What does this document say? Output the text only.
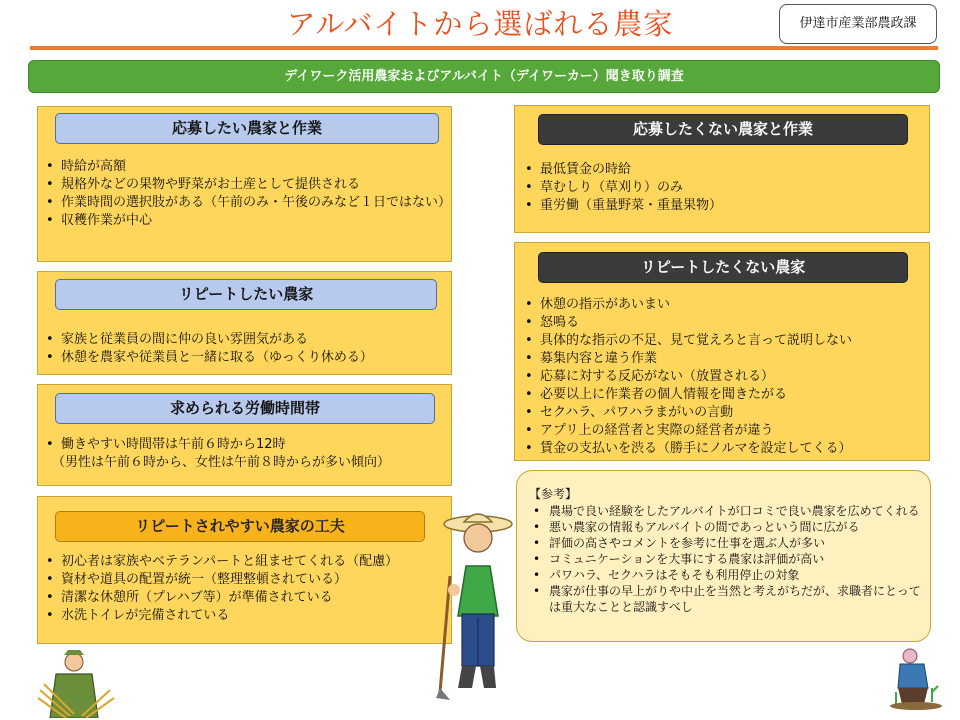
アルバイトから選ばれる農家	伊達市産業部農政課
デイワーク活用農家およびアルバイト（デイワーカー）聞き取り調査
応募したい農家と作業
• 時給が高額
• 規格外などの果物や野菜がお土産として提供される
• 作業時間の選択肢がある（午前のみ・午後のみなど１日ではない）
• 収穫作業が中心
リピートしたい農家
• 家族と従業員の間に仲の良い雰囲気がある
• 休憩を農家や従業員と一緒に取る（ゆっくり休める）
求められる労働時間帯
• 働きやすい時間帯は午前６時から12時
（男性は午前６時から、女性は午前８時からが多い傾向）
リピートされやすい農家の工夫
• 初心者は家族やベテランパートと組ませてくれる（配慮）
• 資材や道具の配置が統一（整理整頓されている）
• 清潔な休憩所（プレハブ等）が準備されている
• 水洗トイレが完備されている
応募したくない農家と作業
• 最低賃金の時給
• 草むしり（草刈り）のみ
• 重労働（重量野菜・重量果物）
リピートしたくない農家
• 休憩の指示があいまい
• 怒鳴る
• 具体的な指示の不足、見て覚えろと言って説明しない
• 募集内容と違う作業
• 応募に対する反応がない（放置される）
• 必要以上に作業者の個人情報を聞きたがる
• セクハラ、パワハラまがいの言動
• アプリ上の経営者と実際の経営者が違う
• 賃金の支払いを渋る（勝手にノルマを設定してくる）
【参考】
• 農場で良い経験をしたアルバイトが口コミで良い農家を広めてくれる
• 悪い農家の情報もアルバイトの間であっという間に広がる
• 評価の高さやコメントを参考に仕事を選ぶ人が多い
• コミュニケーションを大事にする農家は評価が高い
• パワハラ、セクハラはそもそも利用停止の対象
• 農家が仕事の早上がりや中止を当然と考えがちだが、求職者にとっては重大なことと認識すべし
